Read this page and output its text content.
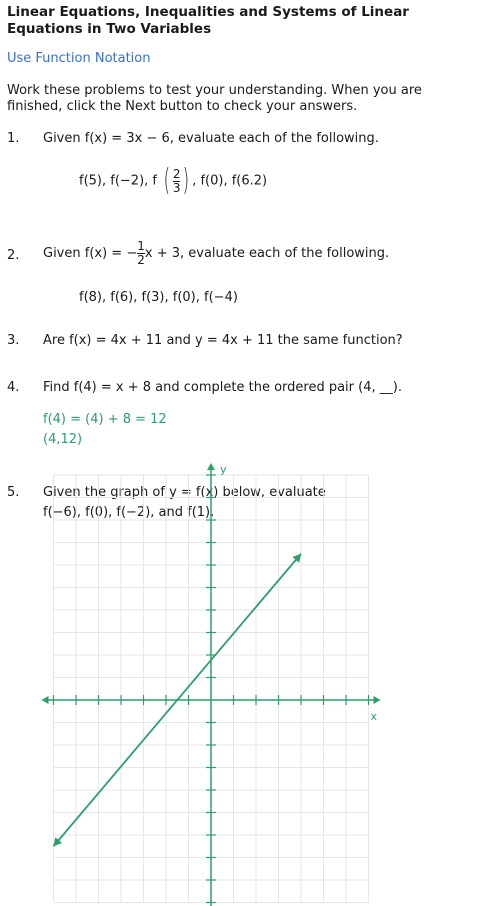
Linear Equations, Inequalities and Systems of Linear Equations in Two Variables
Use Function Notation
Work these problems to test your understanding. When you are finished, click the Next button to check your answers.
1. Given f(x) = 3x − 6, evaluate each of the following.
f(5), f(−2), f ( $\frac{2}{3}$ ) , f(0), f(6.2)
2. Given f(x) = − $\frac{1}{2}$ x + 3, evaluate each of the following.
f(8), f(6), f(3), f(0), f(−4)
3. Are f(x) = 4x + 11 and y = 4x + 11 the same function?
4. Find f(4) = x + 8 and complete the ordered pair (4, __).
f(4) = (4) + 8 = 12
(4,12)
5. Given the graph of y = f(x) below, evaluate
f(−6), f(0), f(−2), and f(1).
x
y
